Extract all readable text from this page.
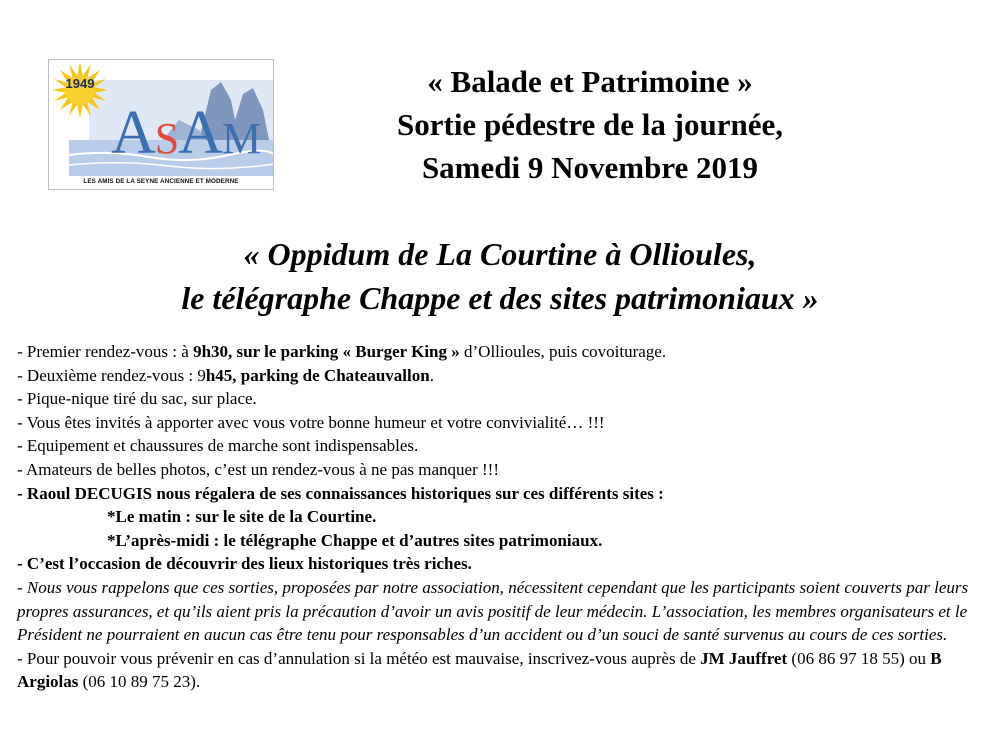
1949
ASAM
LES AMIS DE LA SEYNE ANCIENNE ET MODERNE
« Balade et Patrimoine »
Sortie pédestre de la journée,
Samedi 9 Novembre 2019
« Oppidum de La Courtine à Ollioules,
le télégraphe Chappe et des sites patrimoniaux »
- Premier rendez-vous : à 9h30, sur le parking « Burger King » d’Ollioules, puis covoiturage.
- Deuxième rendez-vous : 9h45, parking de Chateauvallon.
- Pique-nique tiré du sac, sur place.
- Vous êtes invités à apporter avec vous votre bonne humeur et votre convivialité… !!!
- Equipement et chaussures de marche sont indispensables.
- Amateurs de belles photos, c’est un rendez-vous à ne pas manquer !!!
- Raoul DECUGIS nous régalera de ses connaissances historiques sur ces différents sites :
*Le matin : sur le site de la Courtine.
*L’après-midi : le télégraphe Chappe et d’autres sites patrimoniaux.
- C’est l’occasion de découvrir des lieux historiques très riches.
- Nous vous rappelons que ces sorties, proposées par notre association, nécessitent cependant que les participants soient couverts par leurs propres assurances, et qu’ils aient pris la précaution d’avoir un avis positif de leur médecin. L’association, les membres organisateurs et le Président ne pourraient en aucun cas être tenu pour responsables d’un accident ou d’un souci de santé survenus au cours de ces sorties.
- Pour pouvoir vous prévenir en cas d’annulation si la météo est mauvaise, inscrivez-vous auprès de JM Jauffret (06 86 97 18 55) ou B Argiolas (06 10 89 75 23).
